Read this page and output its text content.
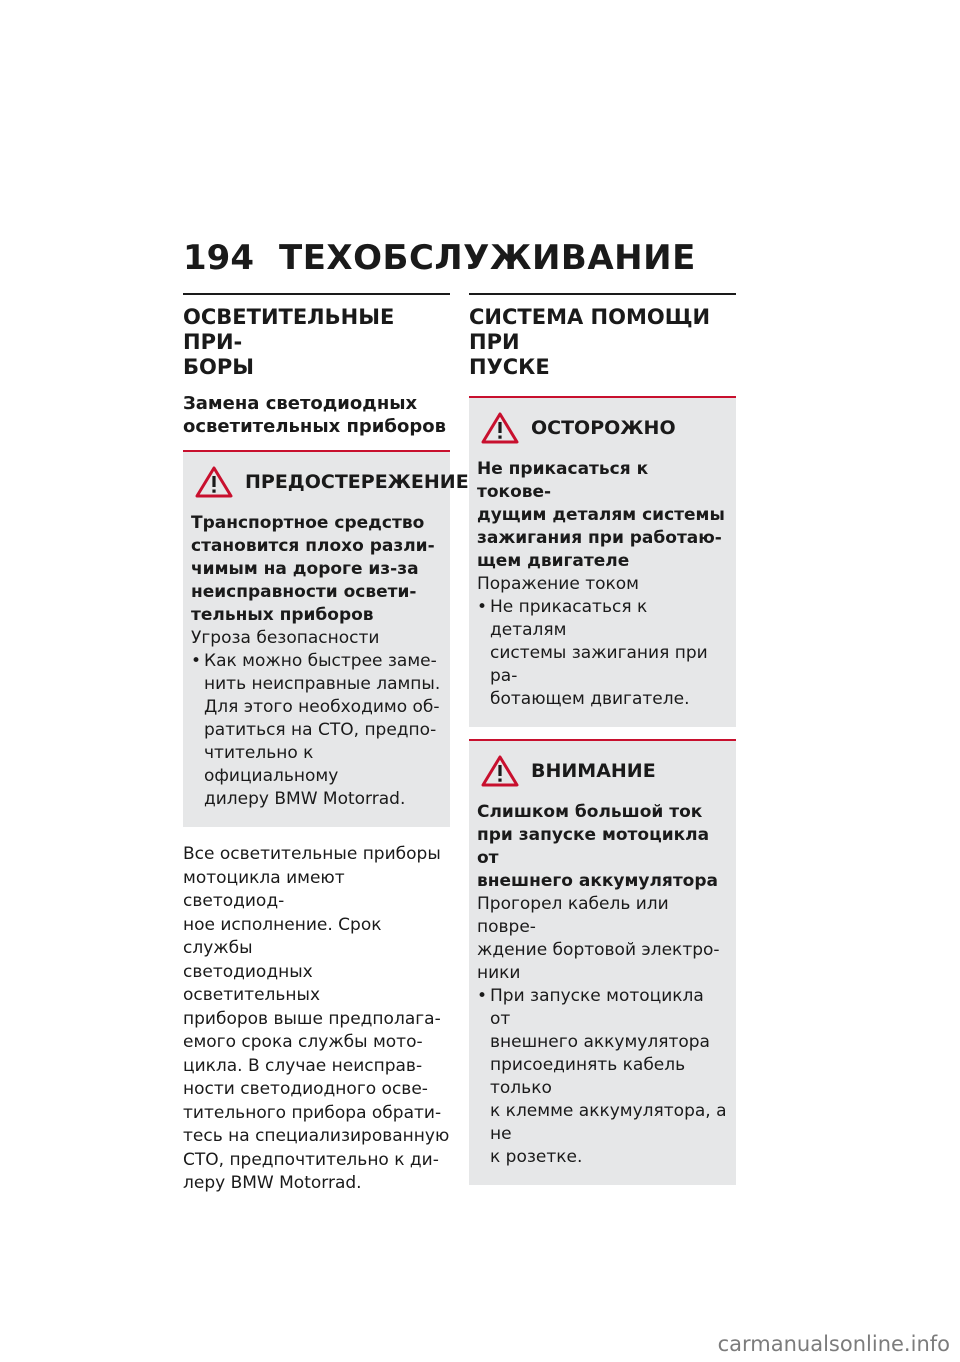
194 ТЕХОБСЛУЖИВАНИЕ
ОСВЕТИТЕЛЬНЫЕ ПРИ-
БОРЫ
Замена светодиодных
осветительных приборов
ПРЕДОСТЕРЕЖЕНИЕ
Транспортное средство
становится плохо разли-
чимым на дороге из-за
неисправности освети-
тельных приборов
Угроза безопасности
• Как можно быстрее заме-
нить неисправные лампы.
Для этого необходимо об-
ратиться на СТО, предпо-
чтительно к официальному
дилеру BMW Motorrad.
Все осветительные приборы
мотоцикла имеют светодиод-
ное исполнение. Срок службы
светодиодных осветительных
приборов выше предполага-
емого срока службы мото-
цикла. В случае неисправ-
ности светодиодного осве-
тительного прибора обрати-
тесь на специализированную
СТО, предпочтительно к ди-
леру BMW Motorrad.
СИСТЕМА ПОМОЩИ ПРИ
ПУСКЕ
ОСТОРОЖНО
Не прикасаться к токове-
дущим деталям системы
зажигания при работаю-
щем двигателе
Поражение током
• Не прикасаться к деталям
системы зажигания при ра-
ботающем двигателе.
ВНИМАНИЕ
Слишком большой ток
при запуске мотоцикла от
внешнего аккумулятора
Прогорел кабель или повре-
ждение бортовой электро-
ники
• При запуске мотоцикла от
внешнего аккумулятора
присоединять кабель только
к клемме аккумулятора, а не
к розетке.
carmanualsonline.info
